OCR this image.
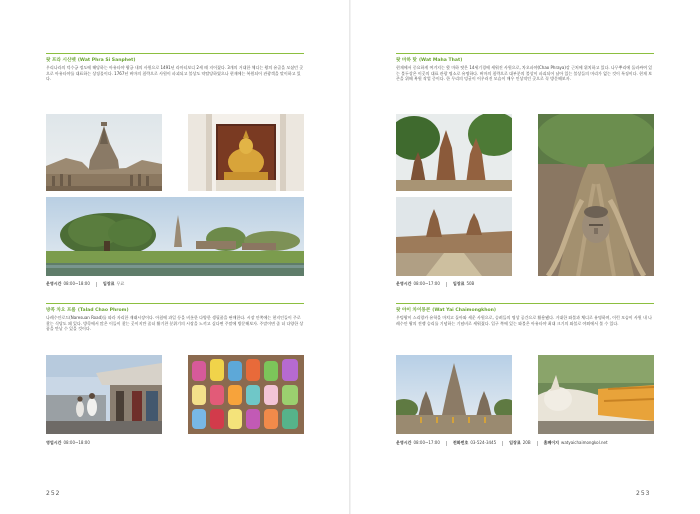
왓 프라 시산펫 (Wat Phra Si Sanphet)
우리나라의 덕수궁 정도에 해당하는 아유타야 왕궁 내의 사원으로 1491년 라마티보디 2세 때 지어졌다. 3개의 거대한 체디는 왕의 유골을 모셨던 곳으로 아유타야를 대표하는 상징물이다. 1767년 버마의 침략으로 사원이 파괴되고 불상도 약탈당하였으나 현재에는 복원되어 관광객을 맞이하고 있다.
운영시간 08:00~18:00	입장료 무료
방콕 차오 프롬 (Talad Chao Phrom)
나레수안로드(Naresuan Road)를 따라 자리한 재래시장이다. 아침에 과일 등을 비롯한 다양한 생필품을 판매한다. 시장 안쪽에는 현지인들이 주로 찾는 식당도 꽤 있다. 방콕에서 많은 이들이 찾는 곳이지만 좀더 활기찬 분위기의 시장을 느끼고 싶다면 주말에 방문해보자. 주말이면 좀 더 다양한 상품을 만날 수 있을 것이다.
영업시간 08:00~18:00
252
왓 마하 탓 (Wat Maha That)
현재에서 중요하게 여겨지는 왓 마하 탓은 14세기경에 세워진 사원으로, 차오파야(Chao Phraya)강 근처에 위치하고 있다. 나무뿌리에 둘러싸여 있는 불두상은 이곳의 대표 관광 명소로 유명하다. 버마의 침략으로 대부분의 불상이 파괴되어 남아 있는 불상들의 머리가 없는 것이 특징이다. 현재 보존을 위해 복원 작업 중이다. 한 무리의 덩굴이 어우러진 모습이 매우 인상적인 곳으로 꼭 방문해보자.
운영시간 08:00~17:00	입장료 50B
왓 야이 차이몽콘 (Wat Yai Chaimongkhon)
우텅왕이 스리랑카 유학을 마치고 돌아와 세운 사원으로, 승려들의 명상 공간으로 활용됐다. 거대한 와불과 체디로 유명하며, 이런 모습이 사원 내 나레수안 왕의 전쟁 승리를 기념하는 기념비로 세워졌다. 입구 쪽에 있는 와불은 아유타야 최대 크기의 와불로 야외에서 볼 수 있다.
운영시간 08:00~17:00	전화번호 03-524-3445	입장료 20B	홈페이지 watyaichaimongkol.net
253
